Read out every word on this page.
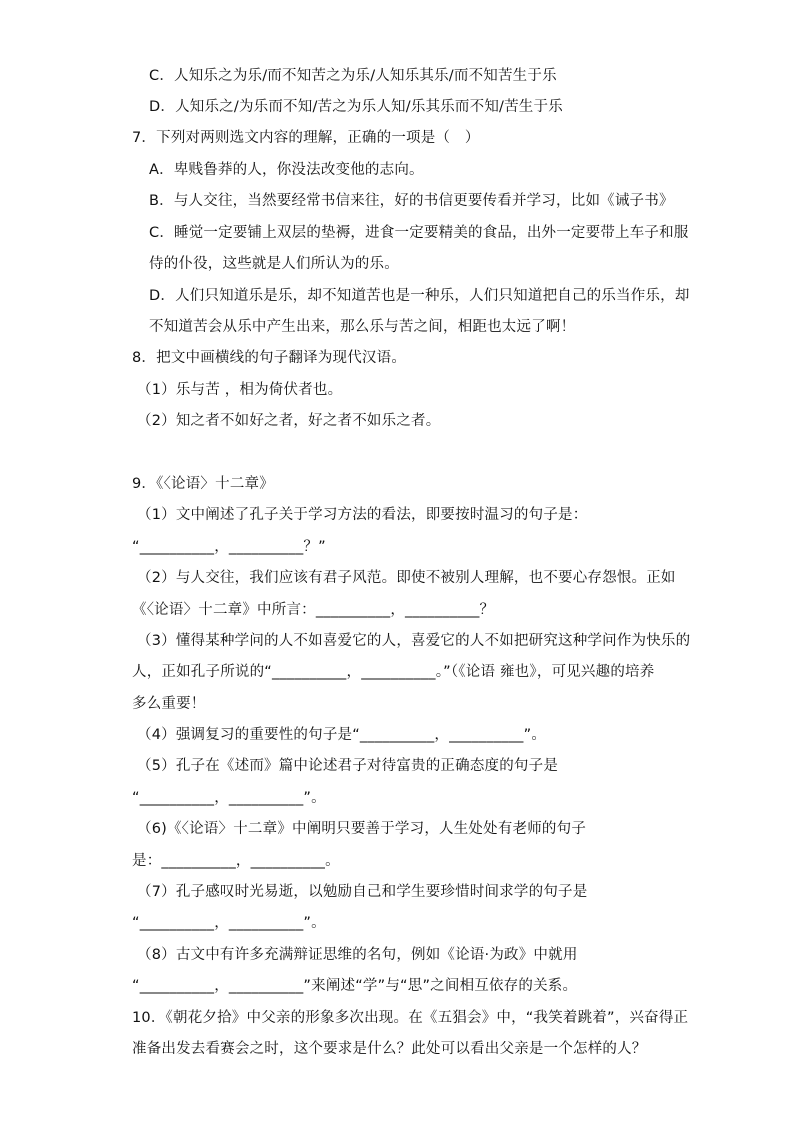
C．人知乐之为乐/而不知苦之为乐/人知乐其乐/而不知苦生于乐
D．人知乐之/为乐而不知/苦之为乐人知/乐其乐而不知/苦生于乐
7．下列对两则选文内容的理解，正确的一项是（　）
A．卑贱鲁莽的人，你没法改变他的志向。
B．与人交往，当然要经常书信来往，好的书信更要传看并学习，比如《诫子书》
C．睡觉一定要铺上双层的垫褥，进食一定要精美的食品，出外一定要带上车子和服
侍的仆役，这些就是人们所认为的乐。
D．人们只知道乐是乐，却不知道苦也是一种乐，人们只知道把自己的乐当作乐，却
不知道苦会从乐中产生出来，那么乐与苦之间，相距也太远了啊！
8．把文中画横线的句子翻译为现代汉语。
（1）乐与苦 ，相为倚伏者也。
（2）知之者不如好之者，好之者不如乐之者。
9．《〈论语〉十二章》
（1）文中阐述了孔子关于学习方法的看法，即要按时温习的句子是：
“__________，__________？”
（2）与人交往，我们应该有君子风范。即使不被别人理解，也不要心存怨恨。正如
《〈论语〉十二章》中所言：__________，__________？
（3）懂得某种学问的人不如喜爱它的人，喜爱它的人不如把研究这种学问作为快乐的
人，正如孔子所说的“__________，__________。”（《论语 雍也》，可见兴趣的培养
多么重要！
（4）强调复习的重要性的句子是“__________，__________”。
（5）孔子在《述而》篇中论述君子对待富贵的正确态度的句子是
“__________，__________”。
（6)《〈论语〉十二章》中阐明只要善于学习，人生处处有老师的句子
是：__________，__________。
（7）孔子感叹时光易逝，以勉励自己和学生要珍惜时间求学的句子是
“__________，__________”。
（8）古文中有许多充满辩证思维的名句，例如《论语·为政》中就用
“__________，__________”来阐述“学”与“思”之间相互依存的关系。
10．《朝花夕拾》中父亲的形象多次出现。在《五猖会》中，“我笑着跳着”，兴奋得正
准备出发去看赛会之时，这个要求是什么？此处可以看出父亲是一个怎样的人？
